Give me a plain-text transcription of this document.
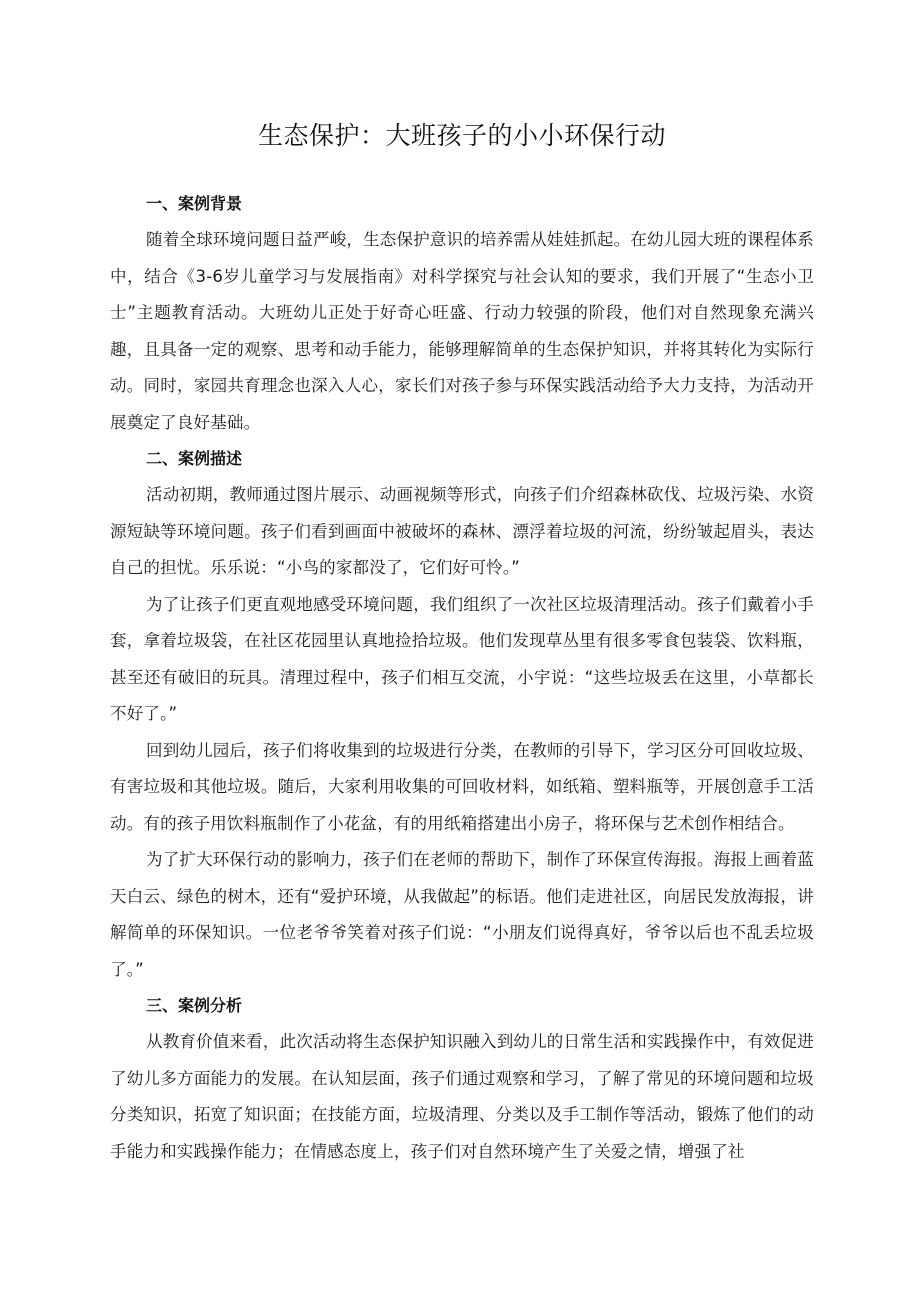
生态保护：大班孩子的小小环保行动
一、案例背景

随着全球环境问题日益严峻，生态保护意识的培养需从娃娃抓起。在幼儿园大班的课程体系中，结合《3-6岁儿童学习与发展指南》对科学探究与社会认知的要求，我们开展了“生态小卫士”主题教育活动。大班幼儿正处于好奇心旺盛、行动力较强的阶段，他们对自然现象充满兴趣，且具备一定的观察、思考和动手能力，能够理解简单的生态保护知识，并将其转化为实际行动。同时，家园共育理念也深入人心，家长们对孩子参与环保实践活动给予大力支持，为活动开展奠定了良好基础。

二、案例描述

活动初期，教师通过图片展示、动画视频等形式，向孩子们介绍森林砍伐、垃圾污染、水资源短缺等环境问题。孩子们看到画面中被破坏的森林、漂浮着垃圾的河流，纷纷皱起眉头，表达自己的担忧。乐乐说：“小鸟的家都没了，它们好可怜。”

为了让孩子们更直观地感受环境问题，我们组织了一次社区垃圾清理活动。孩子们戴着小手套，拿着垃圾袋，在社区花园里认真地捡拾垃圾。他们发现草丛里有很多零食包装袋、饮料瓶，甚至还有破旧的玩具。清理过程中，孩子们相互交流，小宇说：“这些垃圾丢在这里，小草都长不好了。”

回到幼儿园后，孩子们将收集到的垃圾进行分类，在教师的引导下，学习区分可回收垃圾、有害垃圾和其他垃圾。随后，大家利用收集的可回收材料，如纸箱、塑料瓶等，开展创意手工活动。有的孩子用饮料瓶制作了小花盆，有的用纸箱搭建出小房子，将环保与艺术创作相结合。

为了扩大环保行动的影响力，孩子们在老师的帮助下，制作了环保宣传海报。海报上画着蓝天白云、绿色的树木，还有“爱护环境，从我做起”的标语。他们走进社区，向居民发放海报，讲解简单的环保知识。一位老爷爷笑着对孩子们说：“小朋友们说得真好，爷爷以后也不乱丢垃圾了。”

三、案例分析

从教育价值来看，此次活动将生态保护知识融入到幼儿的日常生活和实践操作中，有效促进了幼儿多方面能力的发展。在认知层面，孩子们通过观察和学习，了解了常见的环境问题和垃圾分类知识，拓宽了知识面；在技能方面，垃圾清理、分类以及手工制作等活动，锻炼了他们的动手能力和实践操作能力；在情感态度上，孩子们对自然环境产生了关爱之情，增强了社
